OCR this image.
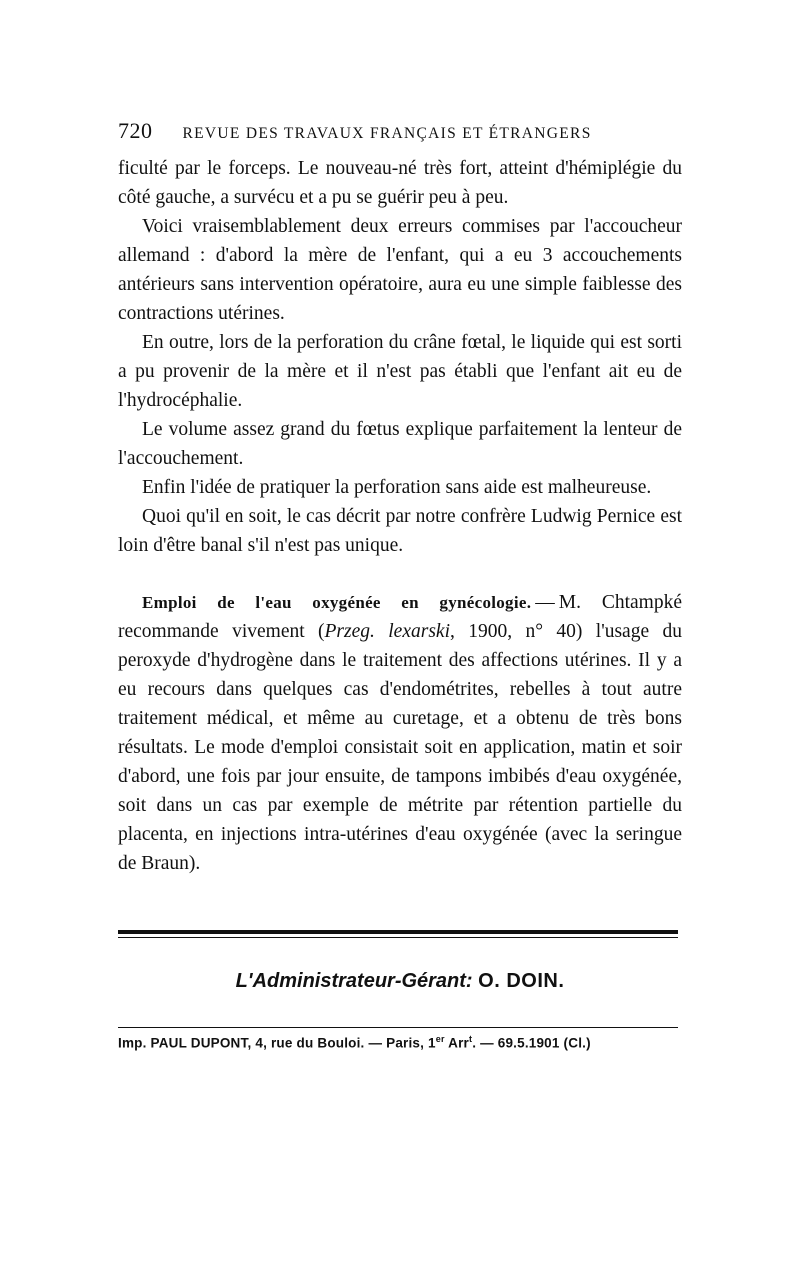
720 REVUE DES TRAVAUX FRANÇAIS ET ÉTRANGERS

ficulté par le forceps. Le nouveau-né très fort, atteint d'hémiplégie du côté gauche, a survécu et a pu se guérir peu à peu.

Voici vraisemblablement deux erreurs commises par l'accoucheur allemand : d'abord la mère de l'enfant, qui a eu 3 accouchements antérieurs sans intervention opératoire, aura eu une simple faiblesse des contractions utérines.

En outre, lors de la perforation du crâne fœtal, le liquide qui est sorti a pu provenir de la mère et il n'est pas établi que l'enfant ait eu de l'hydrocéphalie.

Le volume assez grand du fœtus explique parfaitement la lenteur de l'accouchement.

Enfin l'idée de pratiquer la perforation sans aide est malheureuse.

Quoi qu'il en soit, le cas décrit par notre confrère Ludwig Pernice est loin d'être banal s'il n'est pas unique.

Emploi de l'eau oxygénée en gynécologie. — M. Chtampké recommande vivement (Przeg. lexarski, 1900, n° 40) l'usage du peroxyde d'hydrogène dans le traitement des affections utérines. Il y a eu recours dans quelques cas d'endométrites, rebelles à tout autre traitement médical, et même au curetage, et a obtenu de très bons résultats. Le mode d'emploi consistait soit en application, matin et soir d'abord, une fois par jour ensuite, de tampons imbibés d'eau oxygénée, soit dans un cas par exemple de métrite par rétention partielle du placenta, en injections intra-utérines d'eau oxygénée (avec la seringue de Braun).

L'Administrateur-Gérant: O. DOIN.
Imp. PAUL DUPONT, 4, rue du Bouloi. — Paris, 1er Arr$^t$. — 69.5.1901 (Cl.)
